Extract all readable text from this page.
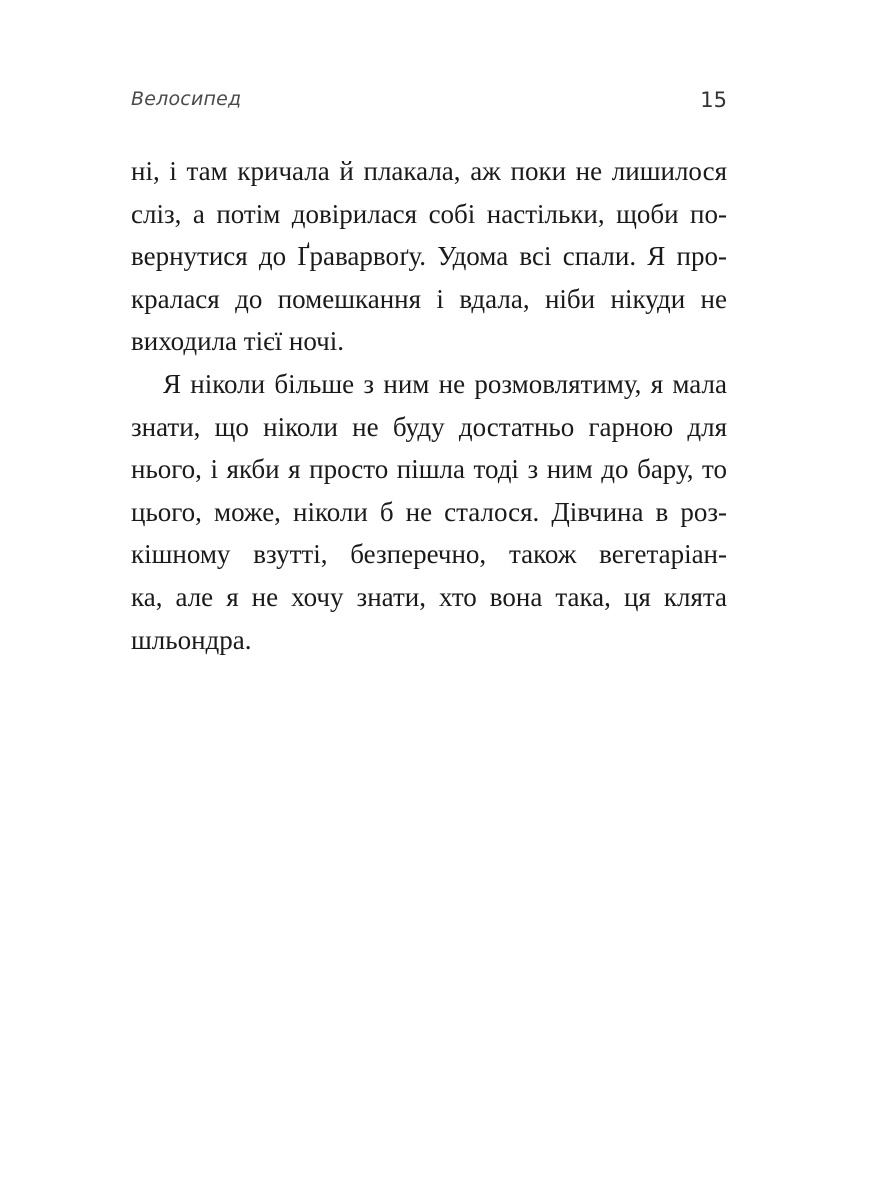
Велосипед	15
ні, і там кричала й плакала, аж поки не лишилося
сліз, а потім довірилася собі настільки, щоби по-
вернутися до Ґраварвоґу. Удома всі спали. Я про-
кралася до помешкання і вдала, ніби нікуди не
виходила тієї ночі.
Я ніколи більше з ним не розмовлятиму, я мала
знати, що ніколи не буду достатньо гарною для
нього, і якби я просто пішла тоді з ним до бару, то
цього, може, ніколи б не сталося. Дівчина в роз-
кішному взутті, безперечно, також вегетаріан-
ка, але я не хочу знати, хто вона така, ця клята
шльондра.
